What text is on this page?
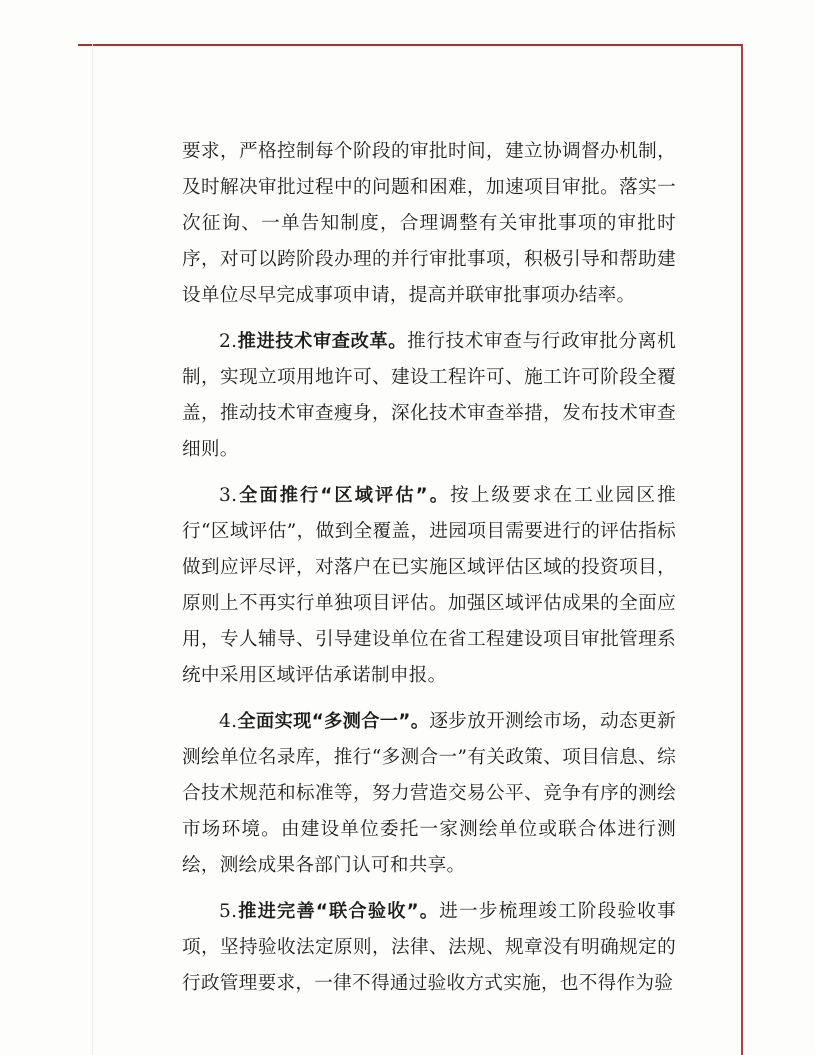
要求，严格控制每个阶段的审批时间，建立协调督办机制，及时解决审批过程中的问题和困难，加速项目审批。落实一次征询、一单告知制度，合理调整有关审批事项的审批时序，对可以跨阶段办理的并行审批事项，积极引导和帮助建设单位尽早完成事项申请，提高并联审批事项办结率。

2.推进技术审查改革。推行技术审查与行政审批分离机制，实现立项用地许可、建设工程许可、施工许可阶段全覆盖，推动技术审查瘦身，深化技术审查举措，发布技术审查细则。

3.全面推行“区域评估”。按上级要求在工业园区推行“区域评估”，做到全覆盖，进园项目需要进行的评估指标做到应评尽评，对落户在已实施区域评估区域的投资项目，原则上不再实行单独项目评估。加强区域评估成果的全面应用，专人辅导、引导建设单位在省工程建设项目审批管理系统中采用区域评估承诺制申报。

4.全面实现“多测合一”。逐步放开测绘市场，动态更新测绘单位名录库，推行“多测合一”有关政策、项目信息、综合技术规范和标准等，努力营造交易公平、竞争有序的测绘市场环境。由建设单位委托一家测绘单位或联合体进行测绘，测绘成果各部门认可和共享。

5.推进完善“联合验收”。进一步梳理竣工阶段验收事项，坚持验收法定原则，法律、法规、规章没有明确规定的行政管理要求，一律不得通过验收方式实施，也不得作为验
